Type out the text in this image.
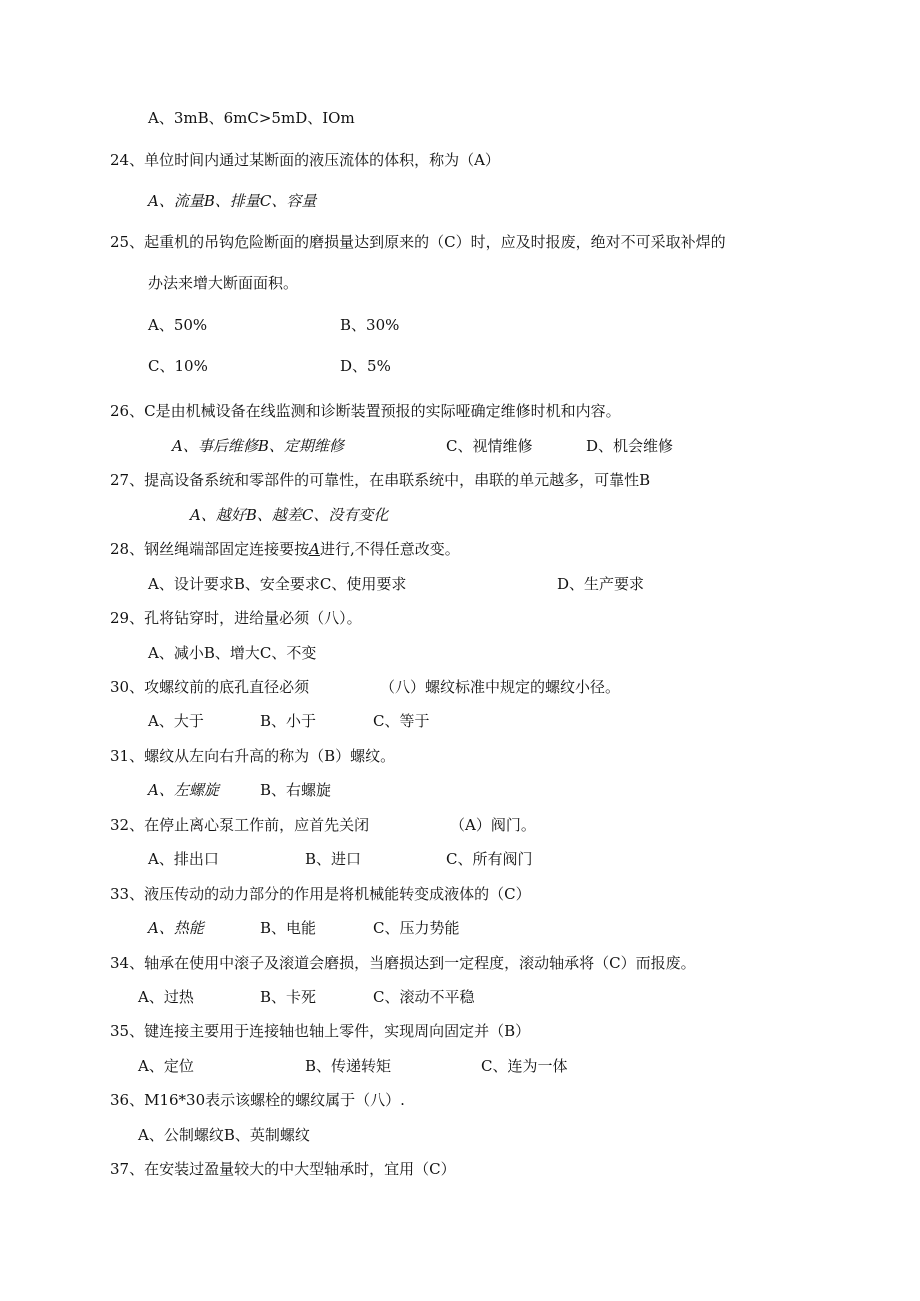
A、3mB、6mC>5mD、IOm
24、单位时间内通过某断面的液压流体的体积，称为（A）
A、流量B、排量C、容量
25、起重机的吊钩危险断面的磨损量达到原来的（C）时，应及时报废，绝对不可采取补焊的
办法来增大断面面积。
A、50%	B、30%
C、10%	D、5%
26、C是由机械设备在线监测和诊断装置预报的实际哑确定维修时机和内容。
A、事后维修B、定期维修	C、视情维修	D、机会维修
27、提高设备系统和零部件的可靠性，在串联系统中，串联的单元越多，可靠性B
A、越好B、越差C、没有变化
28、钢丝绳端部固定连接要按A进行,不得任意改变。
A、设计要求B、安全要求C、使用要求	D、生产要求
29、孔将钻穿时，进给量必须（八）。
A、减小B、增大C、不变
30、攻螺纹前的底孔直径必须	（八）螺纹标准中规定的螺纹小径。
A、大于	B、小于	C、等于
31、螺纹从左向右升高的称为（B）螺纹。
A、左螺旋	B、右螺旋
32、在停止离心泵工作前，应首先关闭	（A）阀门。
A、排出口	B、进口	C、所有阀门
33、液压传动的动力部分的作用是将机械能转变成液体的（C）
A、热能	B、电能	C、压力势能
34、轴承在使用中滚子及滚道会磨损，当磨损达到一定程度，滚动轴承将（C）而报废。
A、过热	B、卡死	C、滚动不平稳
35、键连接主要用于连接轴也轴上零件，实现周向固定并（B）
A、定位	B、传递转矩	C、连为一体
36、M16*30表示该螺栓的螺纹属于（八）.
A、公制螺纹B、英制螺纹
37、在安装过盈量较大的中大型轴承时，宜用（C）
